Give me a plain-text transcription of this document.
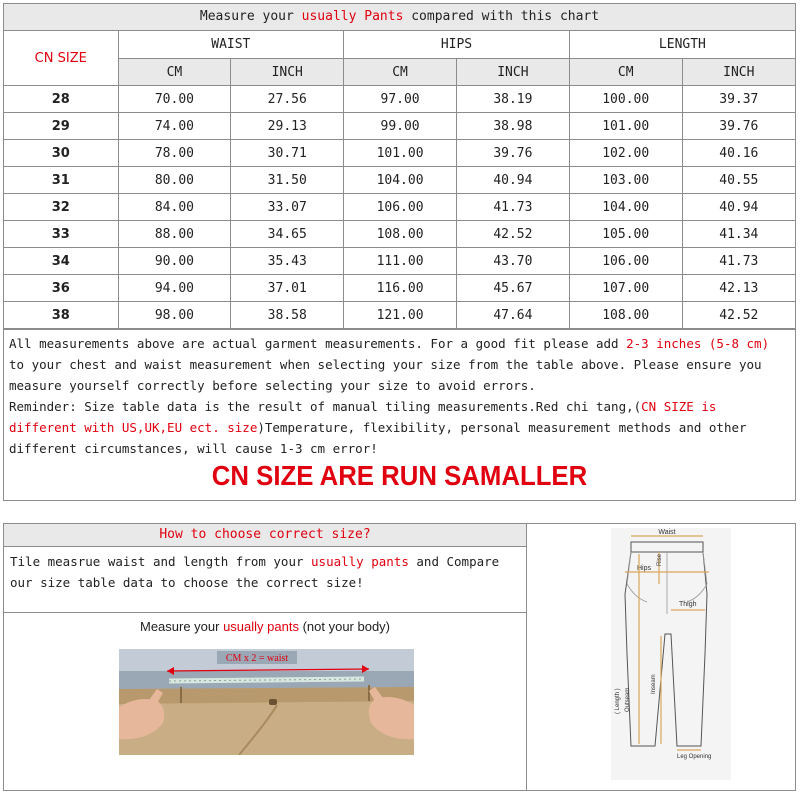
Measure your usually Pants compared with this chart
CN SIZE	WAIST		HIPS		LENGTH	
	CM	INCH	CM	INCH	CM	INCH
28	70.00	27.56	97.00	38.19	100.00	39.37
29	74.00	29.13	99.00	38.98	101.00	39.76
30	78.00	30.71	101.00	39.76	102.00	40.16
31	80.00	31.50	104.00	40.94	103.00	40.55
32	84.00	33.07	106.00	41.73	104.00	40.94
33	88.00	34.65	108.00	42.52	105.00	41.34
34	90.00	35.43	111.00	43.70	106.00	41.73
36	94.00	37.01	116.00	45.67	107.00	42.13
38	98.00	38.58	121.00	47.64	108.00	42.52

All measurements above are actual garment measurements. For a good fit please add 2-3 inches (5-8 cm) to your chest and waist measurement when selecting your size from the table above. Please ensure you measure yourself correctly before selecting your size to avoid errors.

Reminder: Size table data is the result of manual tiling measurements.Red chi tang,(CN SIZE is different with US,UK,EU ect. size)Temperature, flexibility, personal measurement methods and other different circumstances, will cause 1-3 cm error!

CN SIZE ARE RUN SAMALLER
How to choose correct size?
Tile measrue waist and length from your usually pants and Compare our size table data to choose the correct size!
Measure your usually pants (not your body)
CM x 2 = waist
Waist
Hips
Rise
Thigh
( Length ) Outseam
Inseam
Leg Opening
